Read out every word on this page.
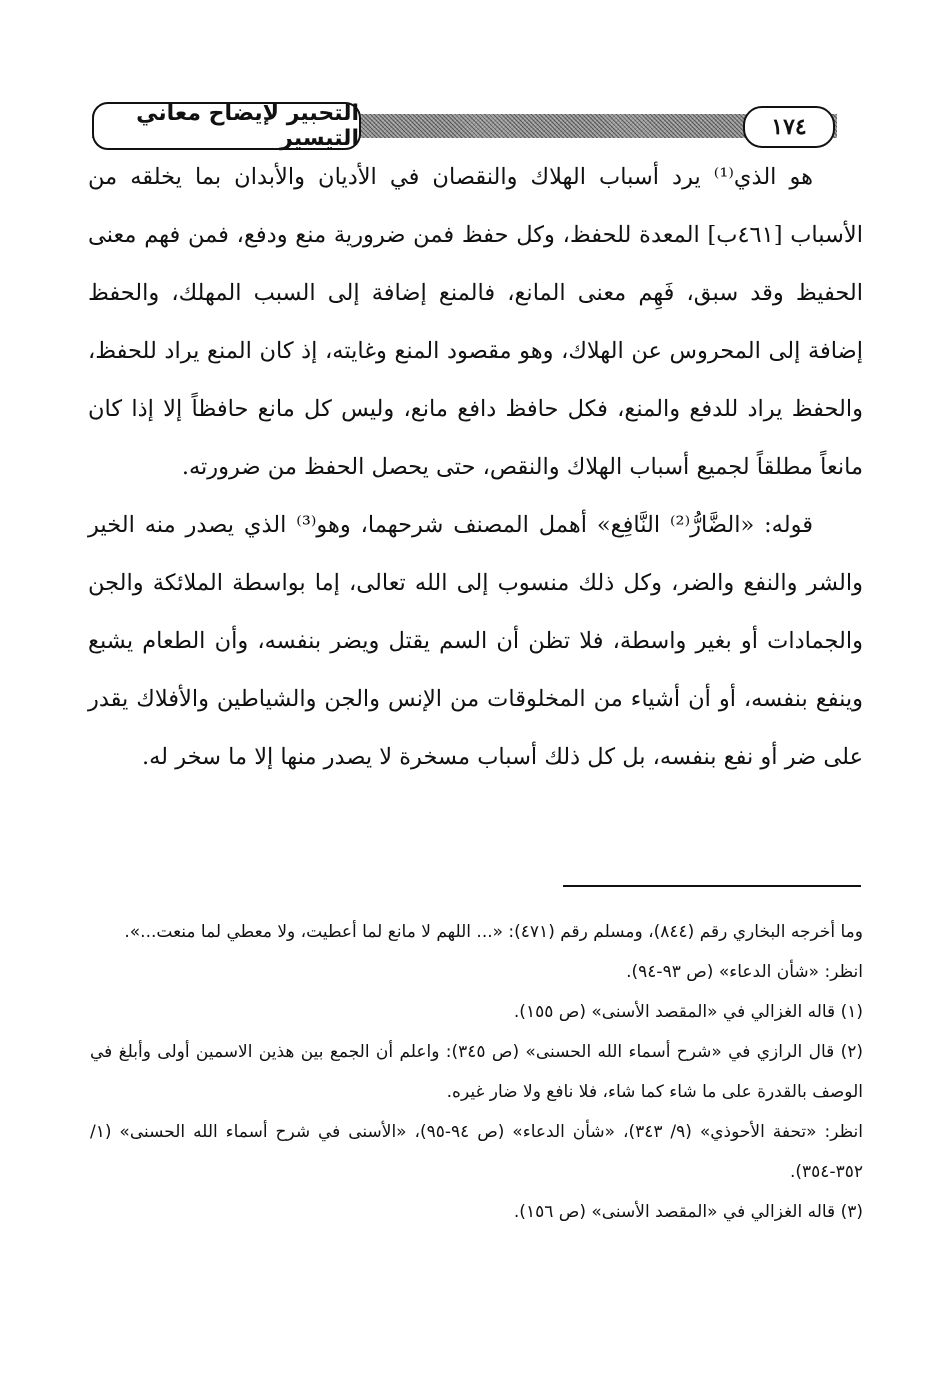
التحبير لإيضاح معاني التيسير	١٧٤

هو الذي⁽¹⁾ يرد أسباب الهلاك والنقصان في الأديان والأبدان بما يخلقه من الأسباب [٤٦١ب] المعدة للحفظ، وكل حفظ فمن ضرورية منع ودفع، فمن فهم معنى الحفيظ وقد سبق، فَهِم معنى المانع، فالمنع إضافة إلى السبب المهلك، والحفظ إضافة إلى المحروس عن الهلاك، وهو مقصود المنع وغايته، إذ كان المنع يراد للحفظ، والحفظ يراد للدفع والمنع، فكل حافظ دافع مانع، وليس كل مانع حافظاً إلا إذا كان مانعاً مطلقاً لجميع أسباب الهلاك والنقص، حتى يحصل الحفظ من ضرورته.

قوله: «الضَّارُّ⁽²⁾ النَّافِع» أهمل المصنف شرحهما، وهو⁽³⁾ الذي يصدر منه الخير والشر والنفع والضر، وكل ذلك منسوب إلى الله تعالى، إما بواسطة الملائكة والجن والجمادات أو بغير واسطة، فلا تظن أن السم يقتل ويضر بنفسه، وأن الطعام يشبع وينفع بنفسه، أو أن أشياء من المخلوقات من الإنس والجن والشياطين والأفلاك يقدر على ضر أو نفع بنفسه، بل كل ذلك أسباب مسخرة لا يصدر منها إلا ما سخر له.

وما أخرجه البخاري رقم (٨٤٤)، ومسلم رقم (٤٧١): «... اللهم لا مانع لما أعطيت، ولا معطي لما منعت...».

انظر: «شأن الدعاء» (ص ٩٣-٩٤).

(١) قاله الغزالي في «المقصد الأسنى» (ص ١٥٥).

(٢) قال الرازي في «شرح أسماء الله الحسنى» (ص ٣٤٥): واعلم أن الجمع بين هذين الاسمين أولى وأبلغ في الوصف بالقدرة على ما شاء كما شاء، فلا نافع ولا ضار غيره.

انظر: «تحفة الأحوذي» (٩/ ٣٤٣)، «شأن الدعاء» (ص ٩٤-٩٥)، «الأسنى في شرح أسماء الله الحسنى» (١/ ٣٥٢-٣٥٤).

(٣) قاله الغزالي في «المقصد الأسنى» (ص ١٥٦).
